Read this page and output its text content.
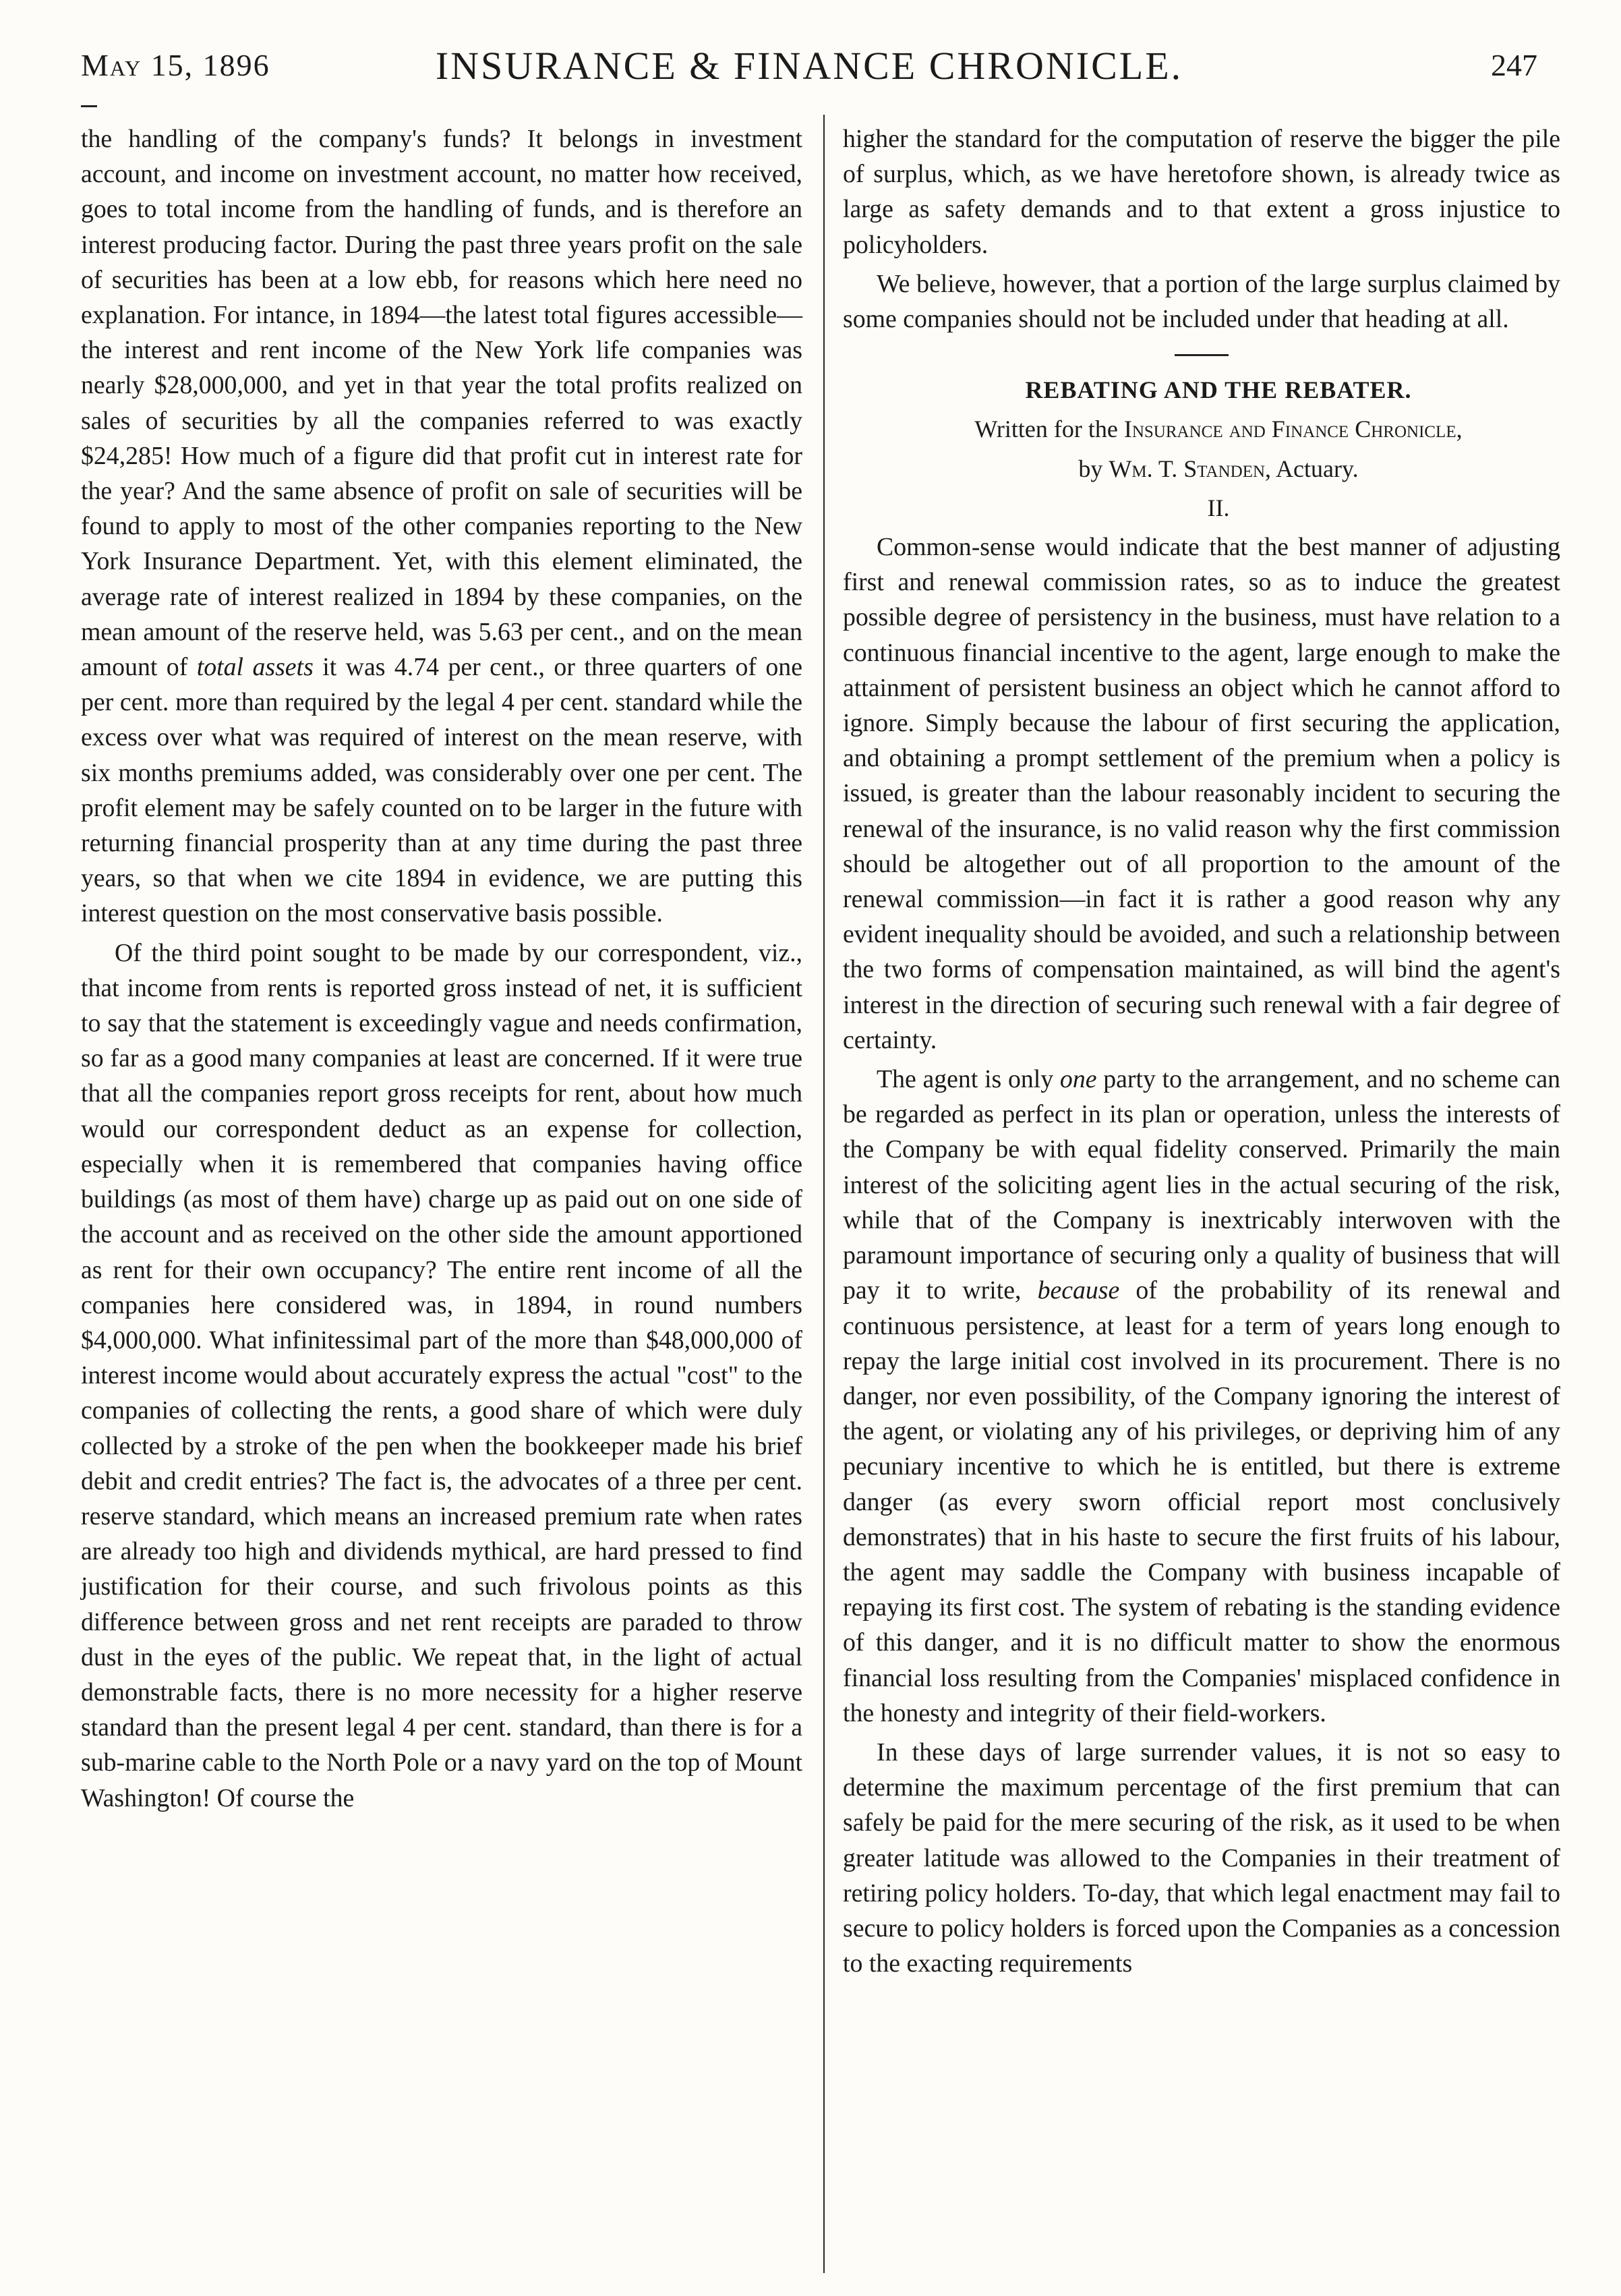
May 15, 1896	INSURANCE & FINANCE CHRONICLE.	247

the handling of the company's funds? It belongs in investment account, and income on investment account, no matter how received, goes to total income from the handling of funds, and is therefore an interest producing factor. During the past three years profit on the sale of securities has been at a low ebb, for reasons which here need no explanation. For intance, in 1894—the latest total figures accessible—the interest and rent income of the New York life companies was nearly $28,000,000, and yet in that year the total profits realized on sales of securities by all the companies referred to was exactly $24,285! How much of a figure did that profit cut in interest rate for the year? And the same absence of profit on sale of securities will be found to apply to most of the other companies reporting to the New York Insurance Department. Yet, with this element eliminated, the average rate of interest realized in 1894 by these companies, on the mean amount of the reserve held, was 5.63 per cent., and on the mean amount of total assets it was 4.74 per cent., or three quarters of one per cent. more than required by the legal 4 per cent. standard while the excess over what was required of interest on the mean reserve, with six months premiums added, was considerably over one per cent. The profit element may be safely counted on to be larger in the future with returning financial prosperity than at any time during the past three years, so that when we cite 1894 in evidence, we are putting this interest question on the most conservative basis possible.

Of the third point sought to be made by our correspondent, viz., that income from rents is reported gross instead of net, it is sufficient to say that the statement is exceedingly vague and needs confirmation, so far as a good many companies at least are concerned. If it were true that all the companies report gross receipts for rent, about how much would our correspondent deduct as an expense for collection, especially when it is remembered that companies having office buildings (as most of them have) charge up as paid out on one side of the account and as received on the other side the amount apportioned as rent for their own occupancy? The entire rent income of all the companies here considered was, in 1894, in round numbers $4,000,000. What infinitessimal part of the more than $48,000,000 of interest income would about accurately express the actual "cost" to the companies of collecting the rents, a good share of which were duly collected by a stroke of the pen when the bookkeeper made his brief debit and credit entries? The fact is, the advocates of a three per cent. reserve standard, which means an increased premium rate when rates are already too high and dividends mythical, are hard pressed to find justification for their course, and such frivolous points as this difference between gross and net rent receipts are paraded to throw dust in the eyes of the public. We repeat that, in the light of actual demonstrable facts, there is no more necessity for a higher reserve standard than the present legal 4 per cent. standard, than there is for a sub-marine cable to the North Pole or a navy yard on the top of Mount Washington! Of course the

higher the standard for the computation of reserve the bigger the pile of surplus, which, as we have heretofore shown, is already twice as large as safety demands and to that extent a gross injustice to policyholders.

We believe, however, that a portion of the large surplus claimed by some companies should not be included under that heading at all.

REBATING AND THE REBATER.

Written for the Insurance and Finance Chronicle,

by Wm. T. Standen, Actuary.

II.

Common-sense would indicate that the best manner of adjusting first and renewal commission rates, so as to induce the greatest possible degree of persistency in the business, must have relation to a continuous financial incentive to the agent, large enough to make the attainment of persistent business an object which he cannot afford to ignore. Simply because the labour of first securing the application, and obtaining a prompt settlement of the premium when a policy is issued, is greater than the labour reasonably incident to securing the renewal of the insurance, is no valid reason why the first commission should be altogether out of all proportion to the amount of the renewal commission—in fact it is rather a good reason why any evident inequality should be avoided, and such a relationship between the two forms of compensation maintained, as will bind the agent's interest in the direction of securing such renewal with a fair degree of certainty.

The agent is only one party to the arrangement, and no scheme can be regarded as perfect in its plan or operation, unless the interests of the Company be with equal fidelity conserved. Primarily the main interest of the soliciting agent lies in the actual securing of the risk, while that of the Company is inextricably interwoven with the paramount importance of securing only a quality of business that will pay it to write, because of the probability of its renewal and continuous persistence, at least for a term of years long enough to repay the large initial cost involved in its procurement. There is no danger, nor even possibility, of the Company ignoring the interest of the agent, or violating any of his privileges, or depriving him of any pecuniary incentive to which he is entitled, but there is extreme danger (as every sworn official report most conclusively demonstrates) that in his haste to secure the first fruits of his labour, the agent may saddle the Company with business incapable of repaying its first cost. The system of rebating is the standing evidence of this danger, and it is no difficult matter to show the enormous financial loss resulting from the Companies' misplaced confidence in the honesty and integrity of their field-workers.

In these days of large surrender values, it is not so easy to determine the maximum percentage of the first premium that can safely be paid for the mere securing of the risk, as it used to be when greater latitude was allowed to the Companies in their treatment of retiring policy holders. To-day, that which legal enactment may fail to secure to policy holders is forced upon the Companies as a concession to the exacting requirements
